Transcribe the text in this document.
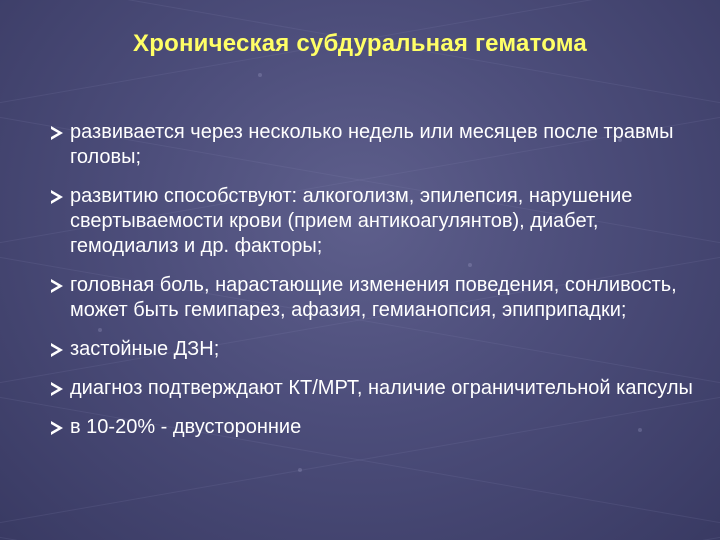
Хроническая субдуральная гематома
развивается через несколько недель или месяцев после травмы головы;
развитию способствуют: алкоголизм, эпилепсия, нарушение свертываемости крови (прием антикоагулянтов), диабет, гемодиализ и др. факторы;
головная боль, нарастающие изменения поведения, сонливость, может быть гемипарез, афазия, гемианопсия, эпиприпадки;
застойные ДЗН;
диагноз подтверждают КТ/МРТ, наличие ограничительной капсулы
в 10-20% - двусторонние
